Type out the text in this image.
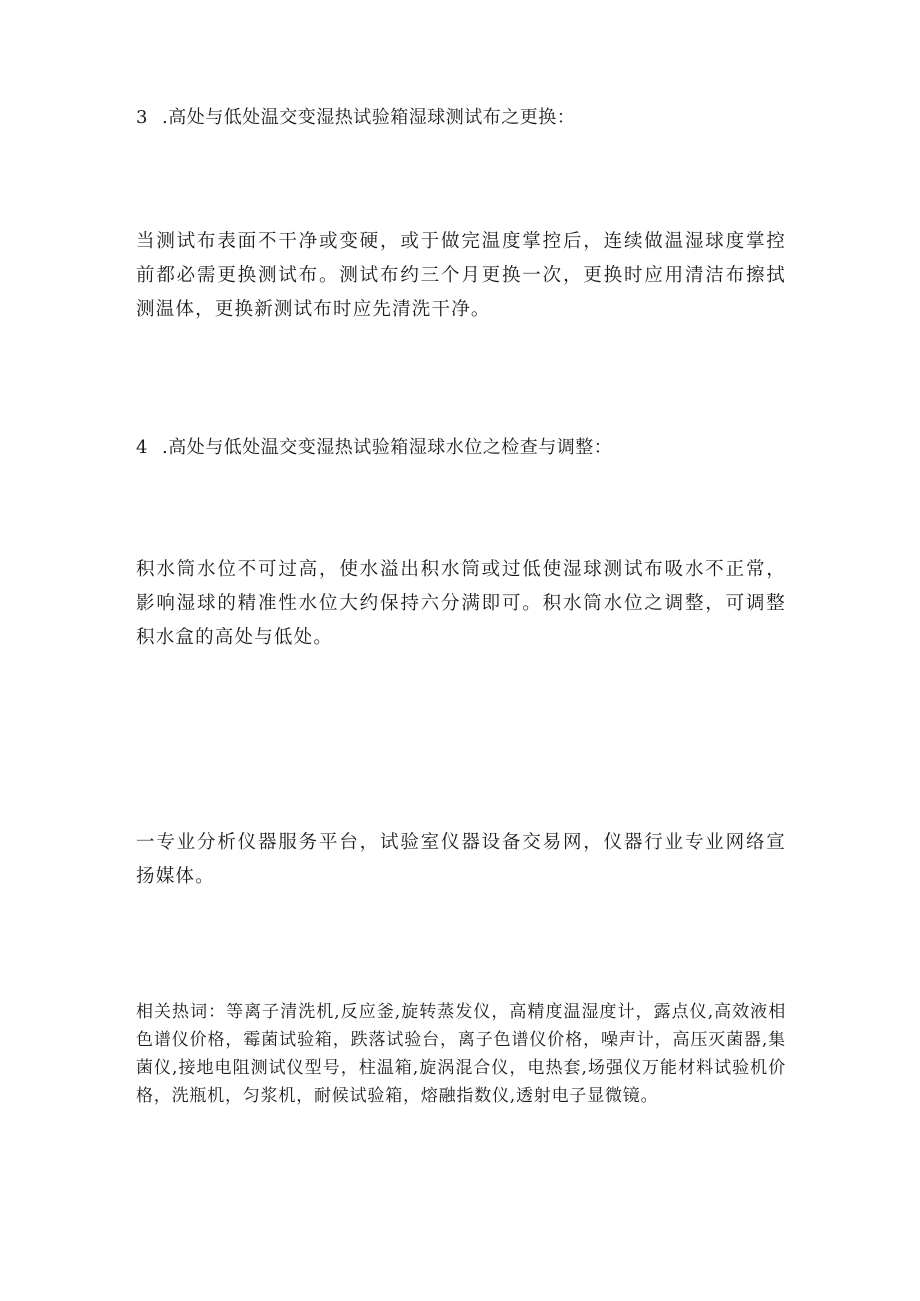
3 .高处与低处温交变湿热试验箱湿球测试布之更换：
当测试布表面不干净或变硬，或于做完温度掌控后，连续做温湿球度掌控前都必需更换测试布。测试布约三个月更换一次，更换时应用清洁布擦拭测温体，更换新测试布时应先清洗干净。
4 .高处与低处温交变湿热试验箱湿球水位之检查与调整：
积水筒水位不可过高，使水溢出积水筒或过低使湿球测试布吸水不正常，影响湿球的精准性水位大约保持六分满即可。积水筒水位之调整，可调整积水盒的高处与低处。
一专业分析仪器服务平台，试验室仪器设备交易网，仪器行业专业网络宣扬媒体。
相关热词：等离子清洗机,反应釜,旋转蒸发仪，高精度温湿度计，露点仪,高效液相色谱仪价格，霉菌试验箱，跌落试验台，离子色谱仪价格，噪声计，高压灭菌器,集菌仪,接地电阻测试仪型号，柱温箱,旋涡混合仪，电热套,场强仪万能材料试验机价格，洗瓶机，匀浆机，耐候试验箱，熔融指数仪,透射电子显微镜。
